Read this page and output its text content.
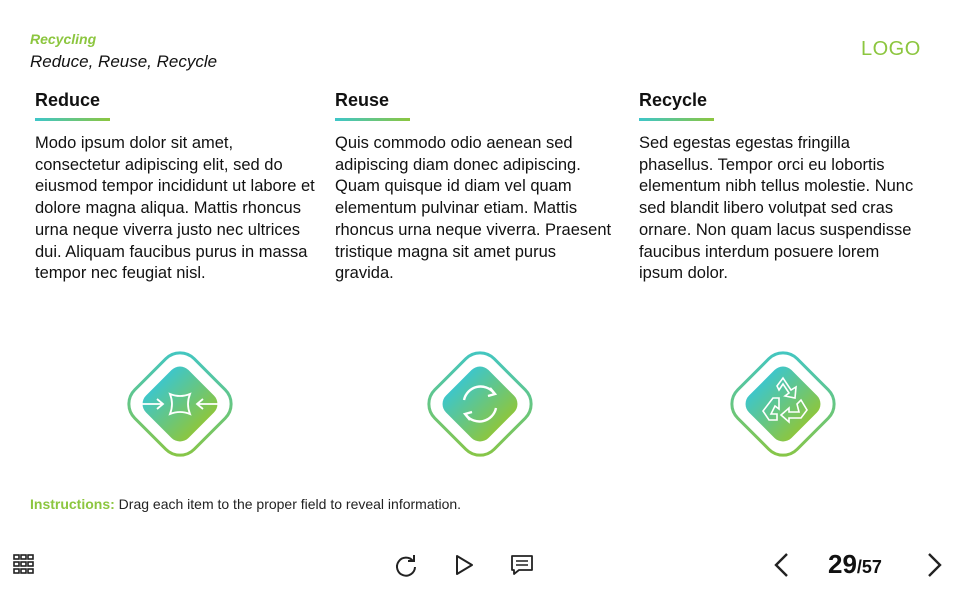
Recycling
Reduce, Reuse, Recycle
LOGO
Reduce

Modo ipsum dolor sit amet, consectetur adipiscing elit, sed do eiusmod tempor incididunt ut labore et dolore magna aliqua. Mattis rhoncus urna neque viverra justo nec ultrices dui. Aliquam faucibus purus in massa tempor nec feugiat nisl.

Reuse

Quis commodo odio aenean sed adipiscing diam donec adipiscing. Quam quisque id diam vel quam elementum pulvinar etiam. Mattis rhoncus urna neque viverra. Praesent tristique magna sit amet purus gravida.

Recycle

Sed egestas egestas fringilla phasellus. Tempor orci eu lobortis elementum nibh tellus molestie. Nunc sed blandit libero volutpat sed cras ornare. Non quam lacus suspendisse faucibus interdum posuere lorem ipsum dolor.

Instructions: Drag each item to the proper field to reveal information.
29/57
